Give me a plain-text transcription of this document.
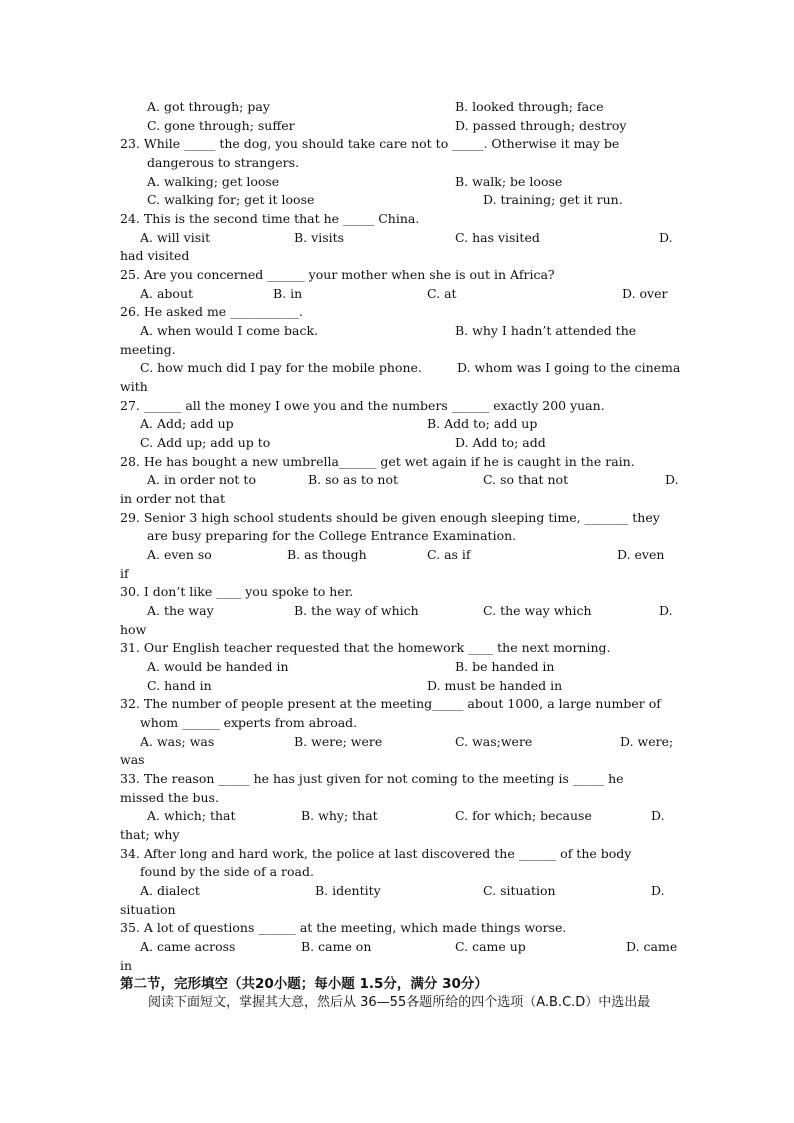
A. got through; pay	B. looked through; face
C. gone through; suffer	D. passed through; destroy
23. While _____ the dog, you should take care not to _____. Otherwise it may be
dangerous to strangers.
A. walking; get loose	B. walk; be loose
C. walking for; get it loose	D. training; get it run.
24. This is the second time that he _____ China.
A. will visit	B. visits	C. has visited	D.
had visited
25. Are you concerned ______ your mother when she is out in Africa?
A. about	B. in	C. at	D. over
26. He asked me ___________.
A. when would I come back.	B. why I hadn’t attended the
meeting.
C. how much did I pay for the mobile phone.	D. whom was I going to the cinema
with
27. ______ all the money I owe you and the numbers ______ exactly 200 yuan.
A. Add; add up	B. Add to; add up
C. Add up; add up to	D. Add to; add
28. He has bought a new umbrella______ get wet again if he is caught in the rain.
A. in order not to	B. so as to not	C. so that not	D.
in order not that
29. Senior 3 high school students should be given enough sleeping time, _______ they
are busy preparing for the College Entrance Examination.
A. even so	B. as though	C. as if	D. even
if
30. I don’t like ____ you spoke to her.
A. the way	B. the way of which	C. the way which	D.
how
31. Our English teacher requested that the homework ____ the next morning.
A. would be handed in	B. be handed in
C. hand in	D. must be handed in
32. The number of people present at the meeting_____ about 1000, a large number of
whom ______ experts from abroad.
A. was; was	B. were; were	C. was;were	D. were;
was
33. The reason _____ he has just given for not coming to the meeting is _____ he
missed the bus.
A. which; that	B. why; that	C. for which; because	D.
that; why
34. After long and hard work, the police at last discovered the ______ of the body
found by the side of a road.
A. dialect	B. identity	C. situation	D.
situation
35. A lot of questions ______ at the meeting, which made things worse.
A. came across	B. came on	C. came up	D. came
in
第二节，完形填空（共20小题；每小题 1.5分，满分 30分）
阅读下面短文，掌握其大意，然后从 36—55各题所给的四个选项（A.B.C.D）中选出最
